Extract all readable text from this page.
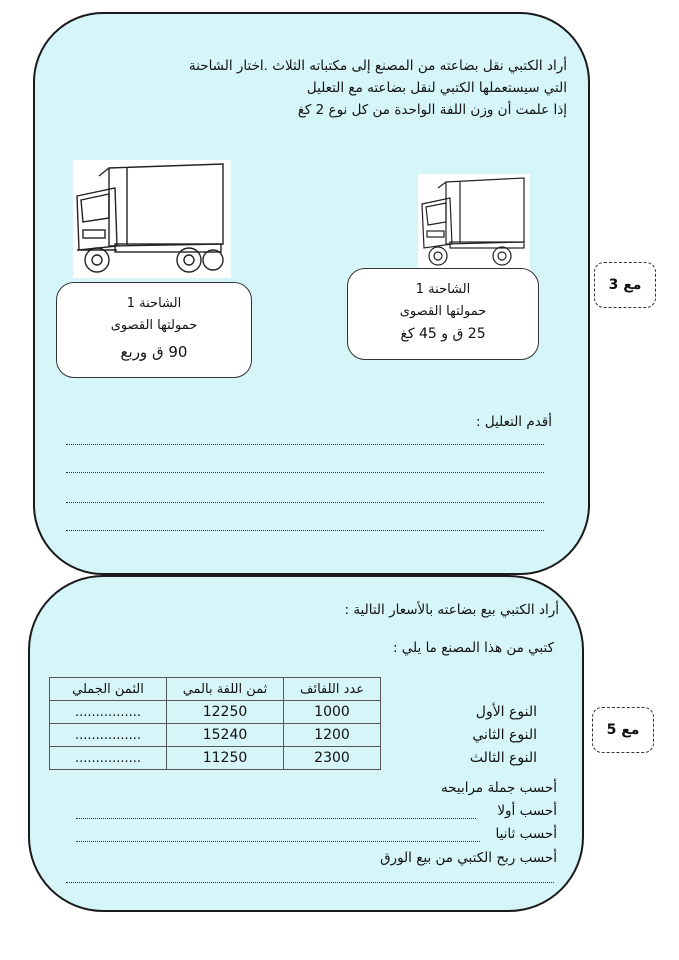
أراد الكتبي نقل بضاعته من المصنع إلى مكتباته الثلاث .اختار الشاحنة
التي سيستعملها الكتبي لنقل بضاعته مع التعليل
إذا علمت أن وزن اللفة الواحدة من كل نوع 2 كغ
الشاحنة 1
حمولتها القصوى
90 ق وربع
الشاحنة 1
حمولتها القصوى
25 ق و 45 كغ
أقدم التعليل :
مع 3
أراد الكتبي بيع بضاعته بالأسعار التالية :
كتبي من هذا المصنع ما يلي :
	عدد اللفائف	ثمن اللفة بالمي	الثمن الجملي
النوع الأول	1000	12250	................
النوع الثاني	1200	15240	................
النوع الثالث	2300	11250	................
أحسب جملة مرابيحه
أحسب أولا
أحسب ثانيا
أحسب ربح الكتبي من بيع الورق
مع 5
